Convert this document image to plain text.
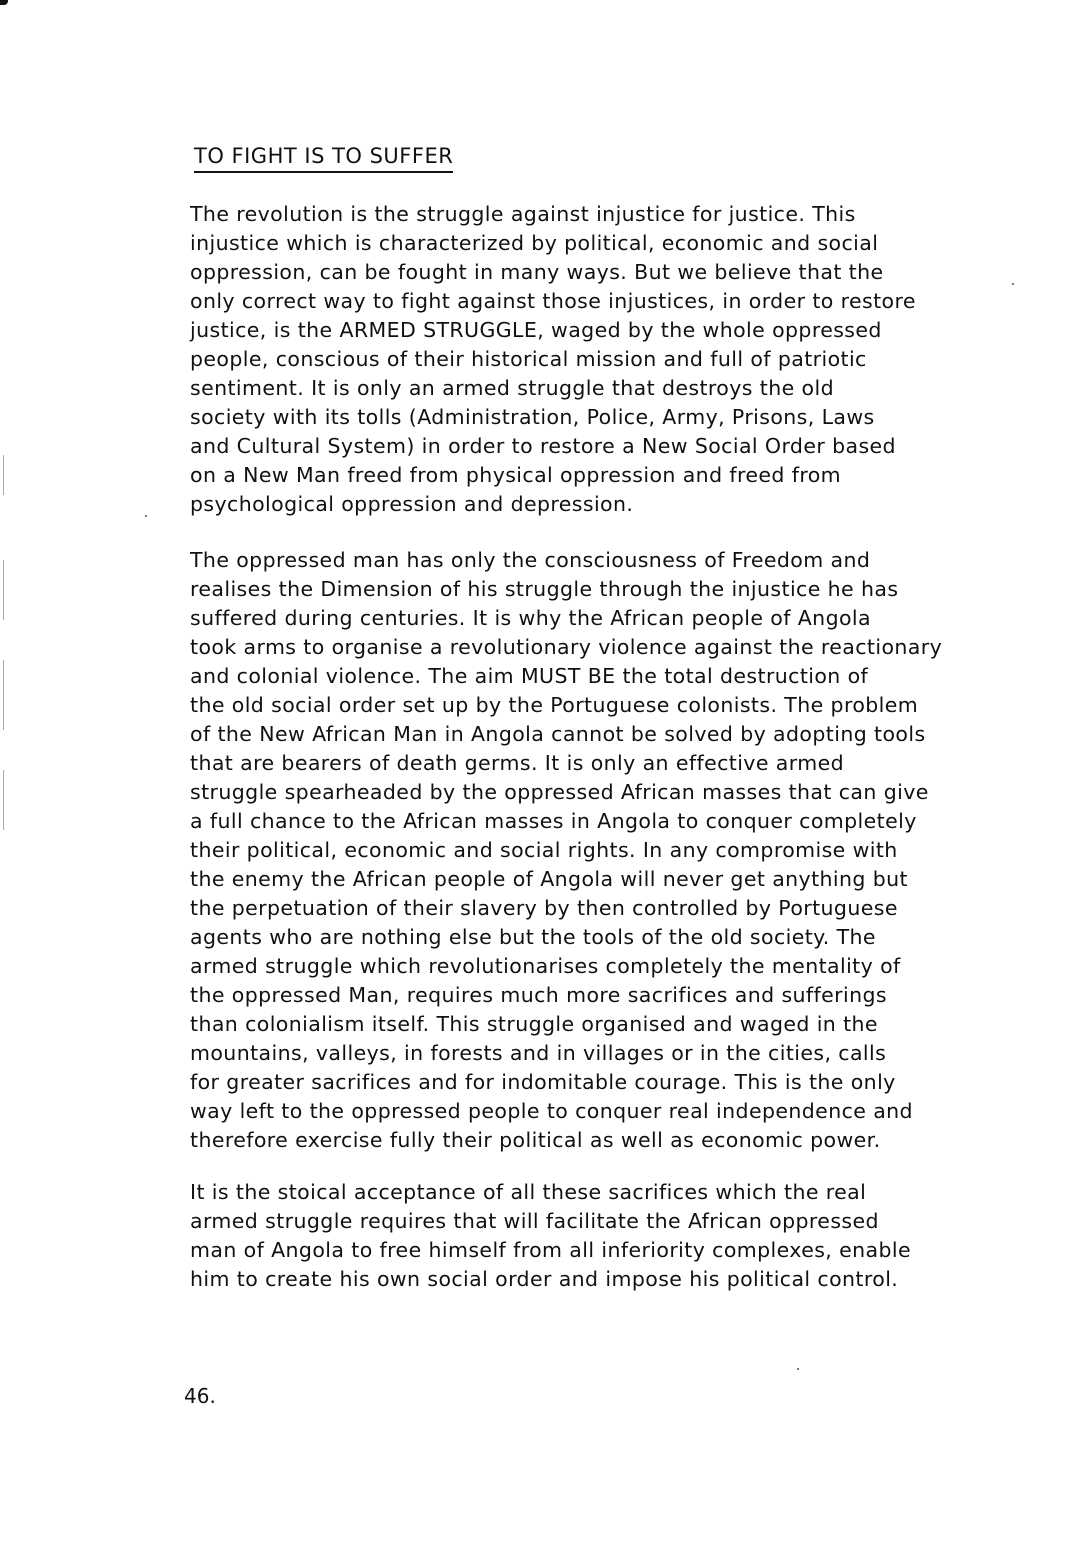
TO FIGHT IS TO SUFFER
The revolution is the struggle against injustice for justice. This
injustice which is characterized by political, economic and social
oppression, can be fought in many ways. But we believe that the
only correct way to fight against those injustices, in order to restore
justice, is the ARMED STRUGGLE, waged by the whole oppressed
people, conscious of their historical mission and full of patriotic
sentiment. It is only an armed struggle that destroys the old
society with its tolls (Administration, Police, Army, Prisons, Laws
and Cultural System) in order to restore a New Social Order based
on a New Man freed from physical oppression and freed from
psychological oppression and depression.
The oppressed man has only the consciousness of Freedom and
realises the Dimension of his struggle through the injustice he has
suffered during centuries. It is why the African people of Angola
took arms to organise a revolutionary violence against the reactionary
and colonial violence. The aim MUST BE the total destruction of
the old social order set up by the Portuguese colonists. The problem
of the New African Man in Angola cannot be solved by adopting tools
that are bearers of death germs. It is only an effective armed
struggle spearheaded by the oppressed African masses that can give
a full chance to the African masses in Angola to conquer completely
their political, economic and social rights. In any compromise with
the enemy the African people of Angola will never get anything but
the perpetuation of their slavery by then controlled by Portuguese
agents who are nothing else but the tools of the old society. The
armed struggle which revolutionarises completely the mentality of
the oppressed Man, requires much more sacrifices and sufferings
than colonialism itself. This struggle organised and waged in the
mountains, valleys, in forests and in villages or in the cities, calls
for greater sacrifices and for indomitable courage. This is the only
way left to the oppressed people to conquer real independence and
therefore exercise fully their political as well as economic power.
It is the stoical acceptance of all these sacrifices which the real
armed struggle requires that will facilitate the African oppressed
man of Angola to free himself from all inferiority complexes, enable
him to create his own social order and impose his political control.
46.
